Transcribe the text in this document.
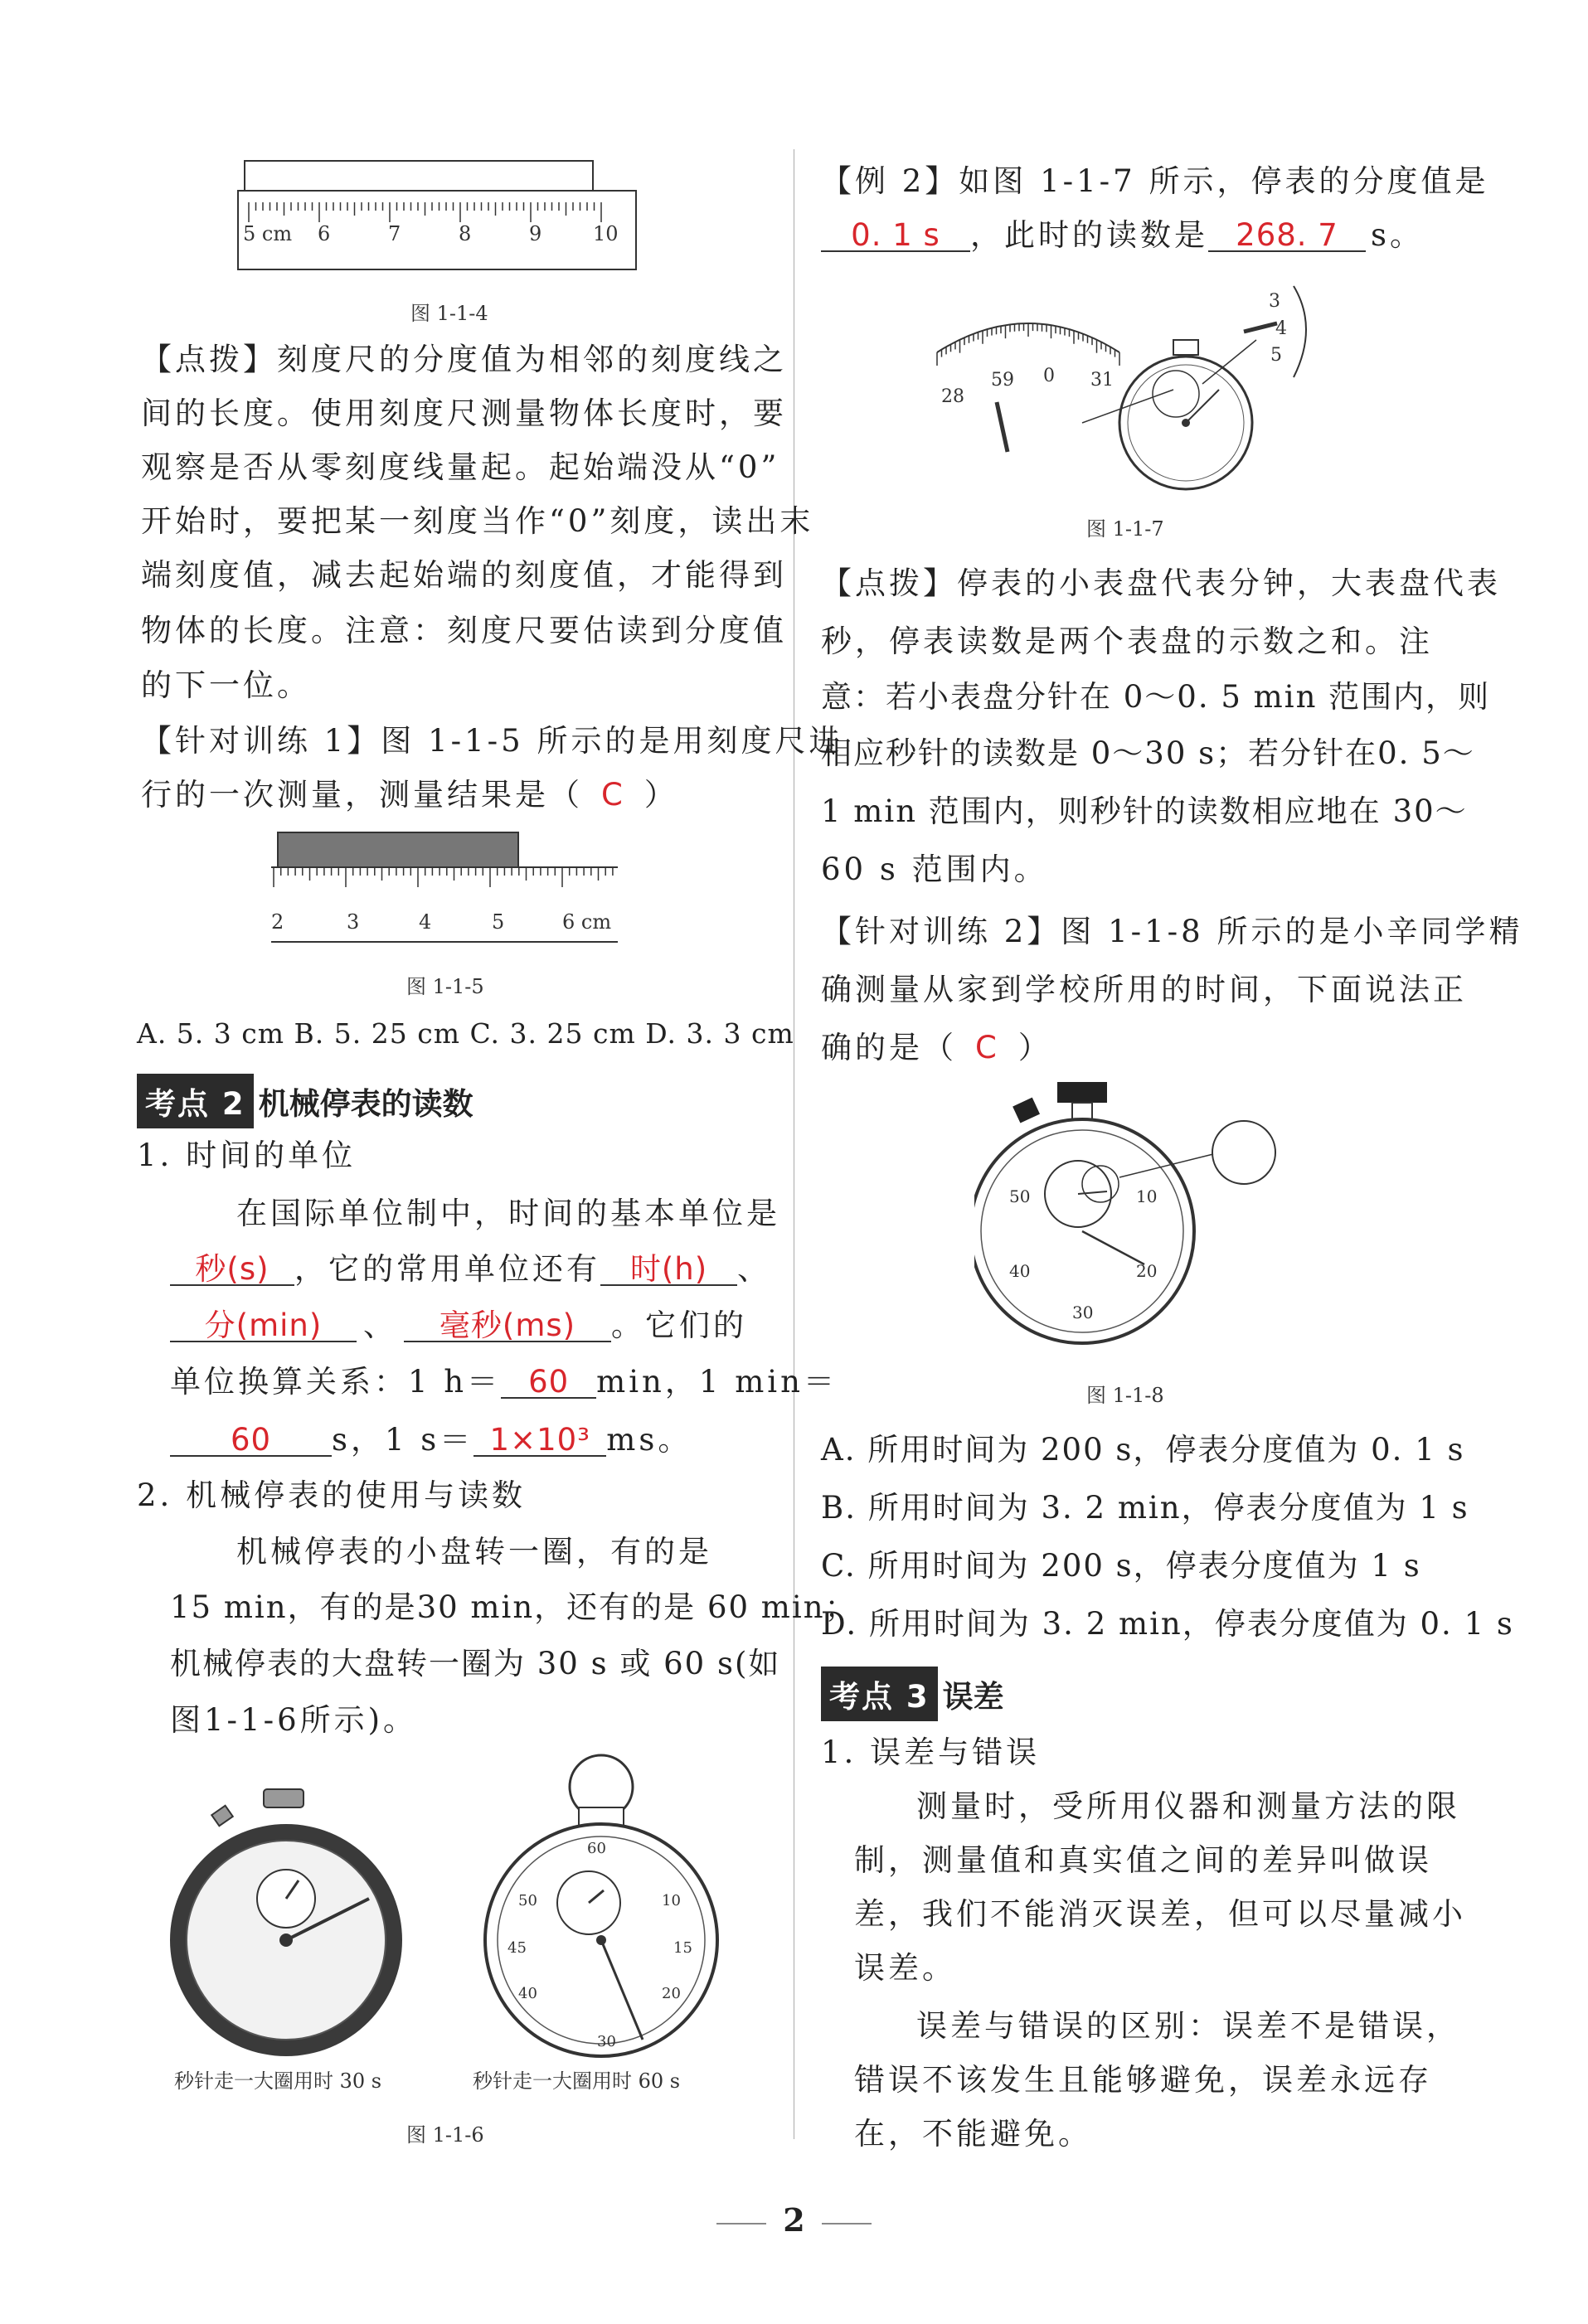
5 cm 6	7	8	9	10
图 1-1-4
【点拨】刻度尺的分度值为相邻的刻度线之
间的长度。使用刻度尺测量物体长度时，要
观察是否从零刻度线量起。起始端没从“0”
开始时，要把某一刻度当作“0”刻度，读出末
端刻度值，减去起始端的刻度值，才能得到
物体的长度。注意：刻度尺要估读到分度值
的下一位。
【针对训练 1】图 1-1-5 所示的是用刻度尺进
行的一次测量，测量结果是（ C ）
2	3	4	5	6 cm
图 1-1-5
A. 5. 3 cm B. 5. 25 cm C. 3. 25 cm D. 3. 3 cm
考点 2 机械停表的读数
1. 时间的单位
在国际单位制中，时间的基本单位是
秒(s) ，它的常用单位还有 时(h) 、
分(min) 、 毫秒(ms) 。它们的
单位换算关系：1 h＝ 60 min，1 min＝
60 s，1 s＝ 1×10³ ms。
2. 机械停表的使用与读数
机械停表的小盘转一圈，有的是
15 min，有的是30 min，还有的是 60 min；
机械停表的大盘转一圈为 30 s 或 60 s(如
图1-1-6所示)。
60
10
15
20
30
40
45
50
秒针走一大圈用时 30 s	秒针走一大圈用时 60 s
图 1-1-6
【例 2】如图 1-1-7 所示，停表的分度值是
0. 1 s ，此时的读数是 268. 7 s。
28
59 0 31
3
4
5
图 1-1-7
【点拨】停表的小表盘代表分钟，大表盘代表
秒，停表读数是两个表盘的示数之和。注
意：若小表盘分针在 0～0. 5 min 范围内，则
相应秒针的读数是 0～30 s；若分针在0. 5～
1 min 范围内，则秒针的读数相应地在 30～
60 s 范围内。
【针对训练 2】图 1-1-8 所示的是小辛同学精
确测量从家到学校所用的时间，下面说法正
确的是（ C ）
50	10
40	20
30
图 1-1-8
A. 所用时间为 200 s，停表分度值为 0. 1 s
B. 所用时间为 3. 2 min，停表分度值为 1 s
C. 所用时间为 200 s，停表分度值为 1 s
D. 所用时间为 3. 2 min，停表分度值为 0. 1 s
考点 3 误差
1. 误差与错误
测量时，受所用仪器和测量方法的限
制，测量值和真实值之间的差异叫做误
差，我们不能消灭误差，但可以尽量减小
误差。
误差与错误的区别：误差不是错误，
错误不该发生且能够避免，误差永远存
在，不能避免。
2
